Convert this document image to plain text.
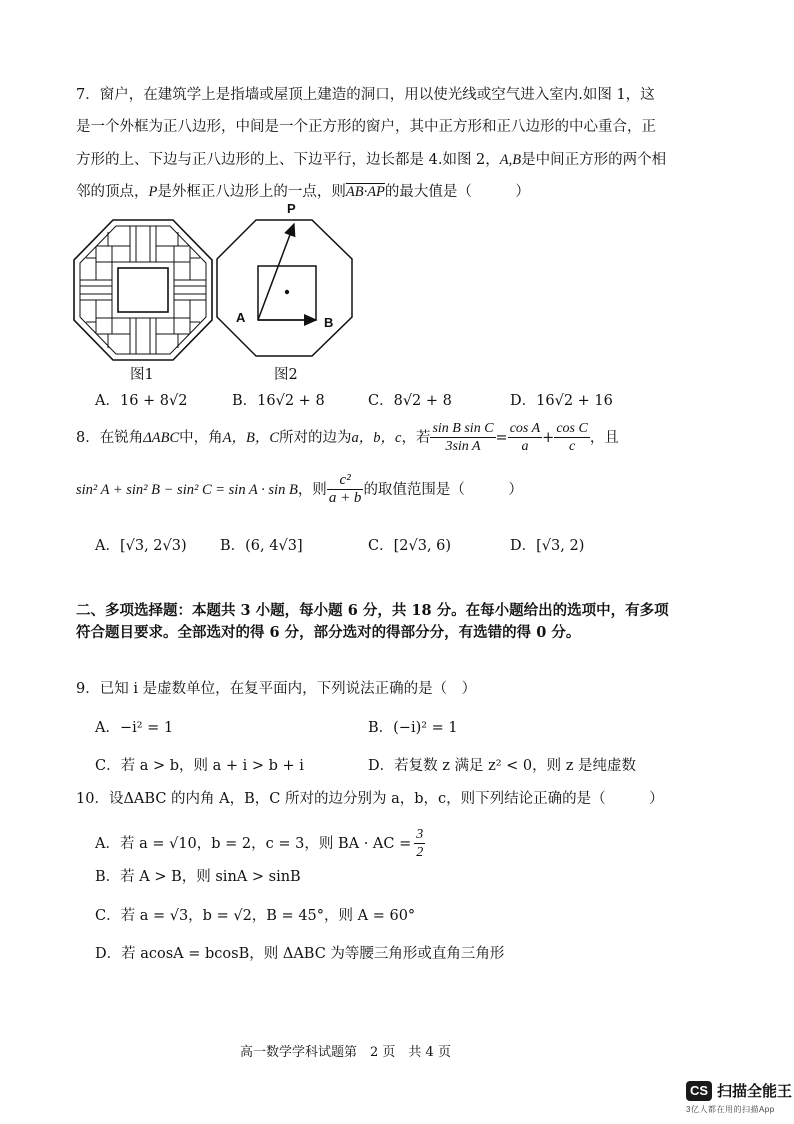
7．窗户，在建筑学上是指墙或屋顶上建造的洞口，用以使光线或空气进入室内.如图 1，这
是一个外框为正八边形，中间是一个正方形的窗户，其中正方形和正八边形的中心重合，正
方形的上、下边与正八边形的上、下边平行，边长都是 4.如图 2，A,B是中间正方形的两个相
邻的顶点，P是外框正八边形上的一点，则AB·AP的最大值是（　　　）
P
A	B
图1	图2
A．16 + 8√2	B．16√2 + 8	C．8√2 + 8	D．16√2 + 16
8．在锐角 ΔABC 中，角 A，B，C 所对的边为 a，b，c ，若 $\frac{\text{sin B sin C}}{\text{3sin A}} = \frac{\text{cos A}}{a} + \frac{\text{cos C}}{c}$ ，且
sin² A + sin² B − sin² C = sin A · sin B ，则 $\frac{\text{c²}}{a + b}$ 的取值范围是（　　　）
A．[√3, 2√3) B．(6, 4√3]	C．[2√3, 6)	D．[√3, 2)
二、多项选择题：本题共 3 小题，每小题 6 分，共 18 分。在每小题给出的选项中，有多项
符合题目要求。全部选对的得 6 分，部分选对的得部分分，有选错的得 0 分。
9．已知 i 是虚数单位，在复平面内，下列说法正确的是（　）
A．−i² = 1	B．(−i)² = 1
C．若 a > b，则 a + i > b + i	D．若复数 z 满足 z² < 0，则 z 是纯虚数
10．设ΔABC 的内角 A，B，C 所对的边分别为 a，b，c，则下列结论正确的是（　　　）
A．若 a = √10，b = 2，c = 3，则 BA · AC = $\frac{3}{2}$
B．若 A > B，则 sinA > sinB
C．若 a = √3，b = √2，B = 45°，则 A = 60°
D．若 acosA = bcosB，则 ΔABC 为等腰三角形或直角三角形
高一数学学科试题第　2 页　共 4 页
CS 扫描全能王
3亿人都在用的扫描App
